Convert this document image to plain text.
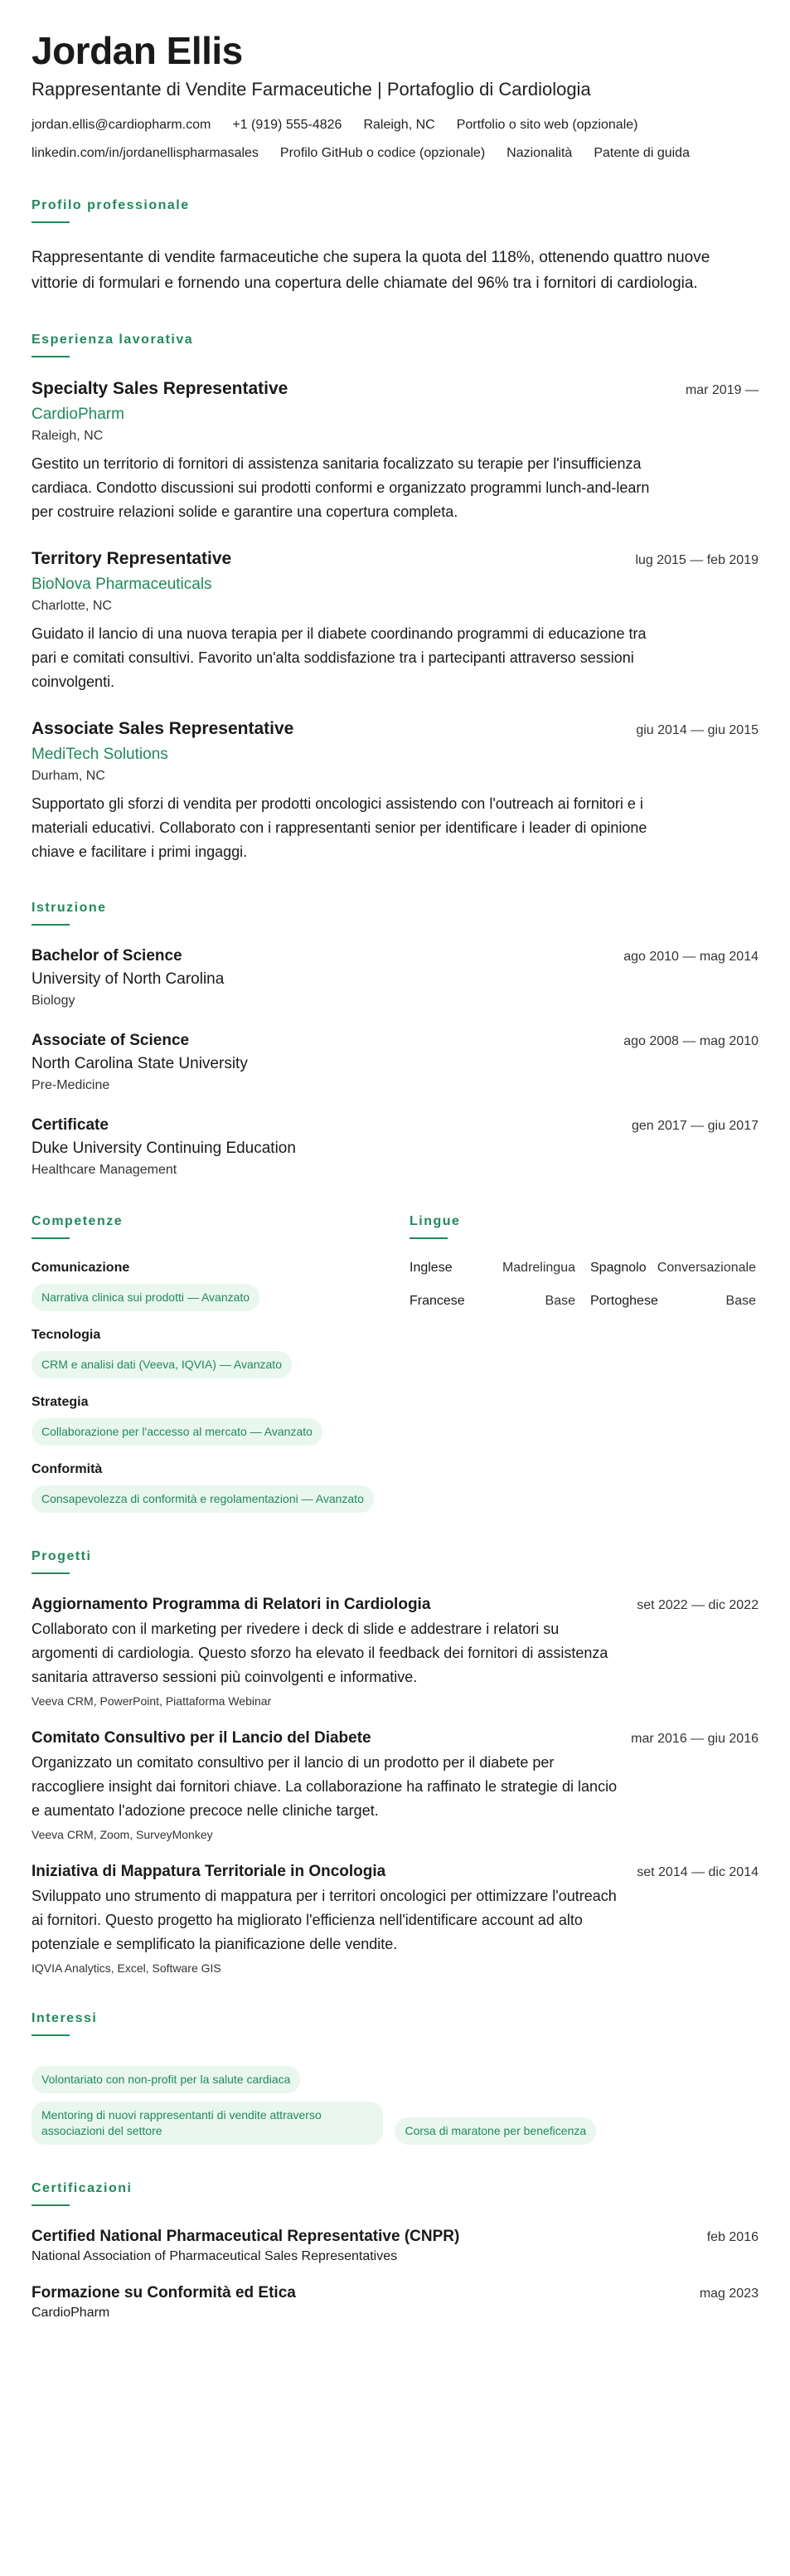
Jordan Ellis
Rappresentante di Vendite Farmaceutiche | Portafoglio di Cardiologia
jordan.ellis@cardiopharm.com +1 (919) 555-4826 Raleigh, NC Portfolio o sito web (opzionale)
linkedin.com/in/jordanellispharmasales Profilo GitHub o codice (opzionale) Nazionalità Patente di guida
Profilo professionale

Rappresentante di vendite farmaceutiche che supera la quota del 118%, ottenendo quattro nuove vittorie di formulari e fornendo una copertura delle chiamate del 96% tra i fornitori di cardiologia.

Esperienza lavorativa
Specialty Sales Representative	mar 2019 —
CardioPharm
Raleigh, NC
Gestito un territorio di fornitori di assistenza sanitaria focalizzato su terapie per l'insufficienza cardiaca. Condotto discussioni sui prodotti conformi e organizzato programmi lunch-and-learn per costruire relazioni solide e garantire una copertura completa.
Territory Representative	lug 2015 — feb 2019
BioNova Pharmaceuticals
Charlotte, NC
Guidato il lancio di una nuova terapia per il diabete coordinando programmi di educazione tra pari e comitati consultivi. Favorito un'alta soddisfazione tra i partecipanti attraverso sessioni coinvolgenti.
Associate Sales Representative	giu 2014 — giu 2015
MediTech Solutions
Durham, NC
Supportato gli sforzi di vendita per prodotti oncologici assistendo con l'outreach ai fornitori e i materiali educativi. Collaborato con i rappresentanti senior per identificare i leader di opinione chiave e facilitare i primi ingaggi.
Istruzione
Bachelor of Science	ago 2010 — mag 2014
University of North Carolina
Biology
Associate of Science	ago 2008 — mag 2010
North Carolina State University
Pre-Medicine
Certificate	gen 2017 — giu 2017
Duke University Continuing Education
Healthcare Management
Competenze
Comunicazione
Narrativa clinica sui prodotti — Avanzato
Tecnologia
CRM e analisi dati (Veeva, IQVIA) — Avanzato
Strategia
Collaborazione per l'accesso al mercato — Avanzato
Conformità
Consapevolezza di conformità e regolamentazioni — Avanzato
Lingue
Inglese	Madrelingua Spagnolo Conversazionale
Francese	Base Portoghese	Base
Progetti
Aggiornamento Programma di Relatori in Cardiologia	set 2022 — dic 2022
Collaborato con il marketing per rivedere i deck di slide e addestrare i relatori su argomenti di cardiologia. Questo sforzo ha elevato il feedback dei fornitori di assistenza sanitaria attraverso sessioni più coinvolgenti e informative.
Veeva CRM, PowerPoint, Piattaforma Webinar
Comitato Consultivo per il Lancio del Diabete	mar 2016 — giu 2016
Organizzato un comitato consultivo per il lancio di un prodotto per il diabete per raccogliere insight dai fornitori chiave. La collaborazione ha raffinato le strategie di lancio e aumentato l'adozione precoce nelle cliniche target.
Veeva CRM, Zoom, SurveyMonkey
Iniziativa di Mappatura Territoriale in Oncologia	set 2014 — dic 2014
Sviluppato uno strumento di mappatura per i territori oncologici per ottimizzare l'outreach ai fornitori. Questo progetto ha migliorato l'efficienza nell'identificare account ad alto potenziale e semplificato la pianificazione delle vendite.
IQVIA Analytics, Excel, Software GIS
Interessi
Volontariato con non-profit per la salute cardiaca
Mentoring di nuovi rappresentanti di vendite attraverso associazioni del settore	Corsa di maratone per beneficenza
Certificazioni
Certified National Pharmaceutical Representative (CNPR)	feb 2016
National Association of Pharmaceutical Sales Representatives
Formazione su Conformità ed Etica	mag 2023
CardioPharm
